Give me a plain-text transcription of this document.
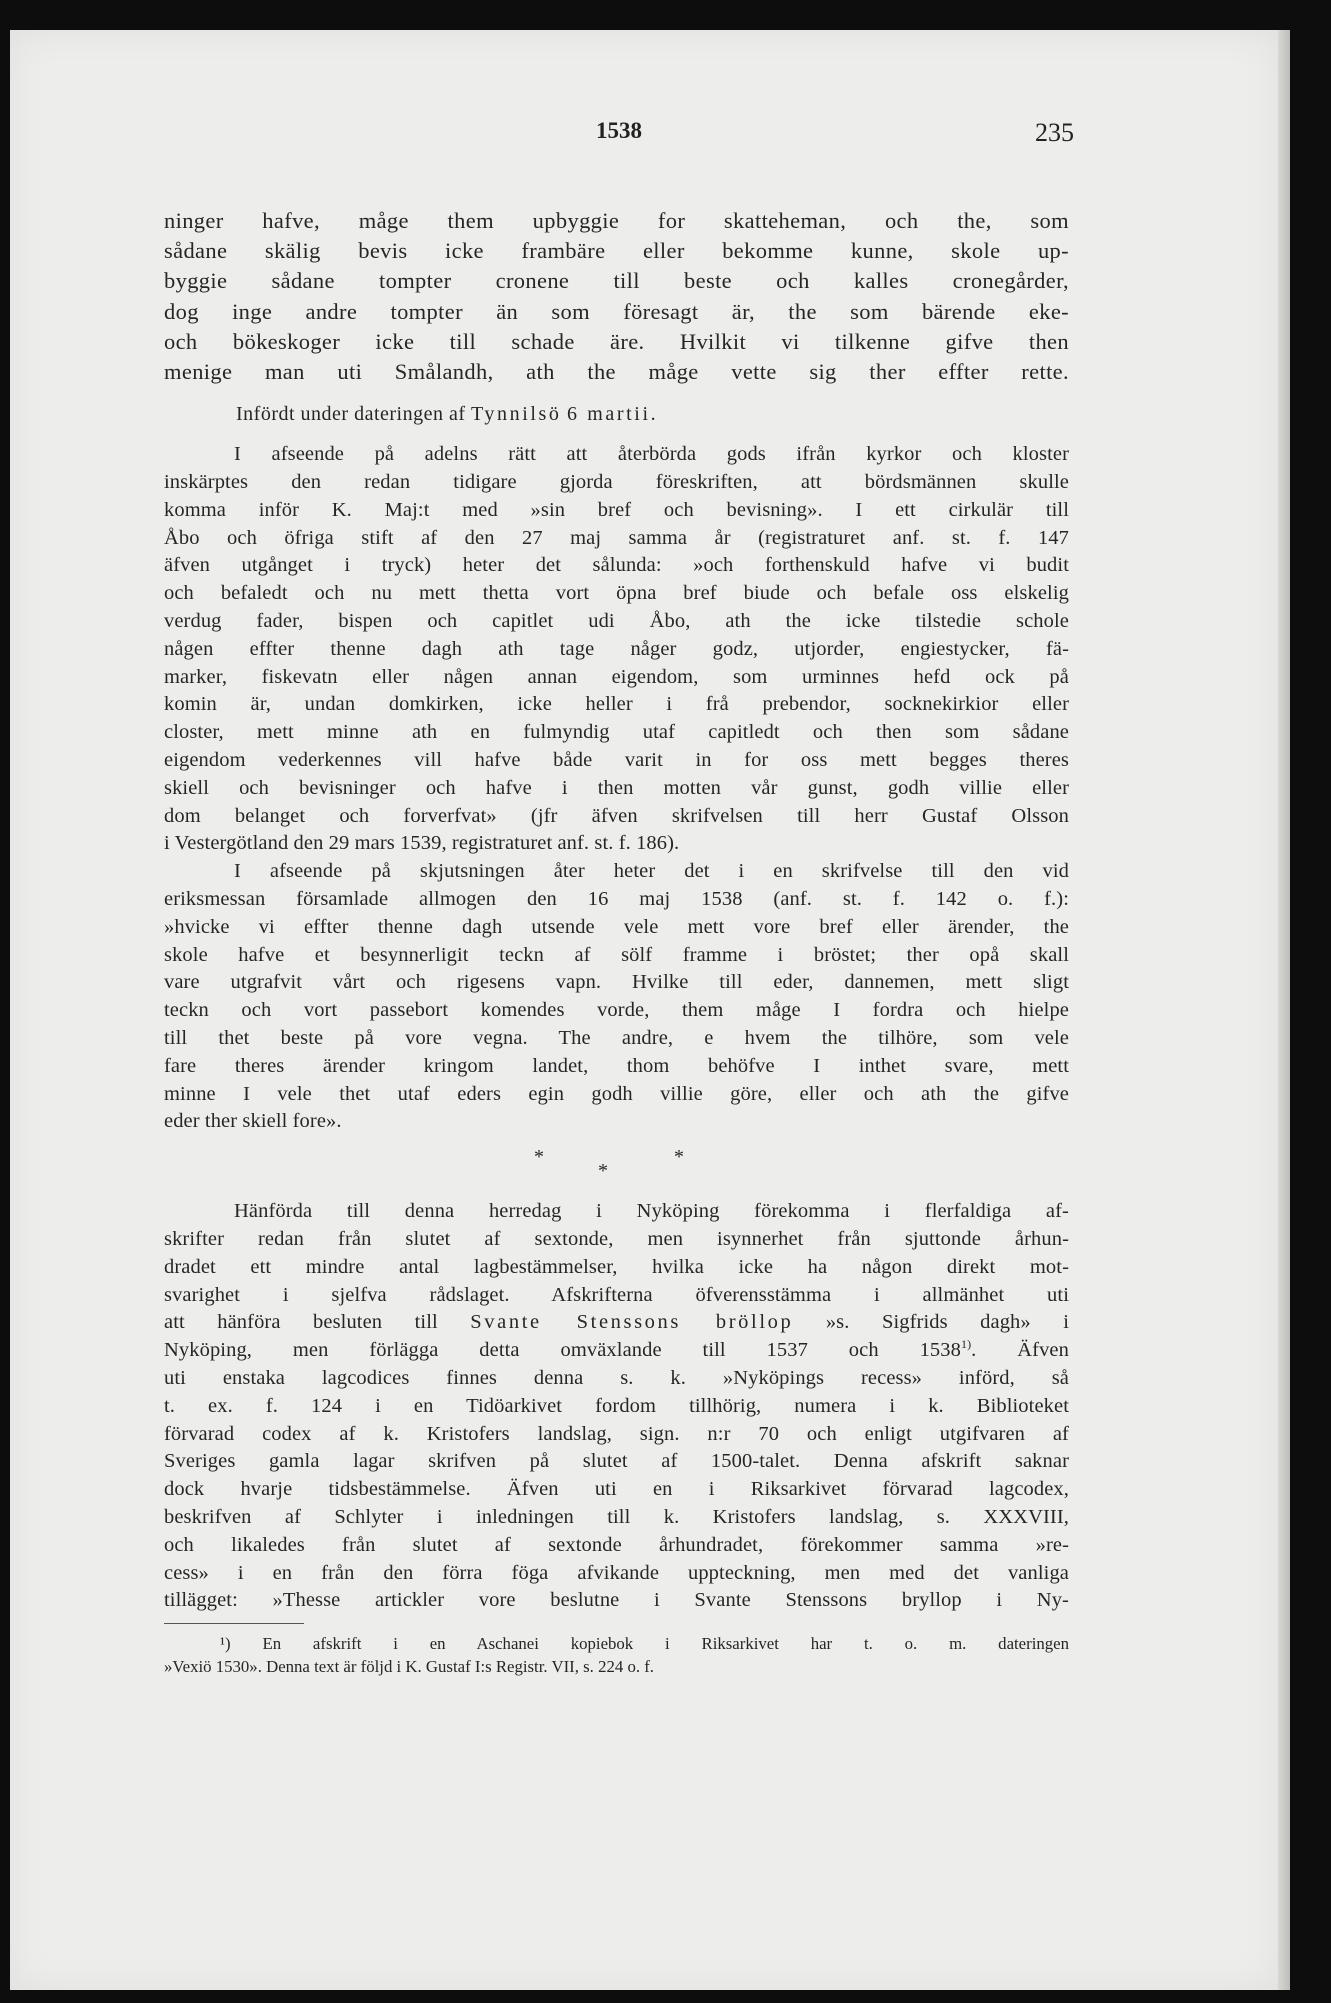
1538	235
ninger hafve, måge them upbyggie for skatteheman, och the, som
sådane skälig bevis icke frambäre eller bekomme kunne, skole up-
byggie sådane tompter cronene till beste och kalles cronegårder,
dog inge andre tompter än som föresagt är, the som bärende eke-
och bökeskoger icke till schade äre. Hvilkit vi tilkenne gifve then
menige man uti Smålandh, ath the måge vette sig ther effter rette.
Infördt under dateringen af Tynnilsö 6 martii.
I afseende på adelns rätt att återbörda gods ifrån kyrkor och kloster
inskärptes den redan tidigare gjorda föreskriften, att bördsmännen skulle
komma inför K. Maj:t med »sin bref och bevisning». I ett cirkulär till
Åbo och öfriga stift af den 27 maj samma år (registraturet anf. st. f. 147
äfven utgånget i tryck) heter det sålunda: »och forthenskuld hafve vi budit
och befaledt och nu mett thetta vort öpna bref biude och befale oss elskelig
verdug fader, bispen och capitlet udi Åbo, ath the icke tilstedie schole
någen effter thenne dagh ath tage någer godz, utjorder, engiestycker, fä-
marker, fiskevatn eller någen annan eigendom, som urminnes hefd ock på
komin är, undan domkirken, icke heller i frå prebendor, socknekirkior eller
closter, mett minne ath en fulmyndig utaf capitledt och then som sådane
eigendom vederkennes vill hafve både varit in for oss mett begges theres
skiell och bevisninger och hafve i then motten vår gunst, godh villie eller
dom belanget och forverfvat» (jfr äfven skrifvelsen till herr Gustaf Olsson
i Vestergötland den 29 mars 1539, registraturet anf. st. f. 186).
I afseende på skjutsningen åter heter det i en skrifvelse till den vid
eriksmessan församlade allmogen den 16 maj 1538 (anf. st. f. 142 o. f.):
»hvicke vi effter thenne dagh utsende vele mett vore bref eller ärender, the
skole hafve et besynnerligit teckn af sölf framme i bröstet; ther opå skall
vare utgrafvit vårt och rigesens vapn. Hvilke till eder, dannemen, mett sligt
teckn och vort passebort komendes vorde, them måge I fordra och hielpe
till thet beste på vore vegna. The andre, e hvem the tilhöre, som vele
fare theres ärender kringom landet, thom behöfve I inthet svare, mett
minne I vele thet utaf eders egin godh villie göre, eller och ath the gifve
eder ther skiell fore».
*
*
*
Hänförda till denna herredag i Nyköping förekomma i flerfaldiga af-
skrifter redan från slutet af sextonde, men isynnerhet från sjuttonde århun-
dradet ett mindre antal lagbestämmelser, hvilka icke ha någon direkt mot-
svarighet i sjelfva rådslaget. Afskrifterna öfverensstämma i allmänhet uti
att hänföra besluten till Svante Stenssons bröllop »s. Sigfrids dagh» i
Nyköping, men förlägga detta omväxlande till 1537 och 1538$^{1)}$. Äfven
uti enstaka lagcodices finnes denna s. k. »Nyköpings recess» införd, så
t. ex. f. 124 i en Tidöarkivet fordom tillhörig, numera i k. Biblioteket
förvarad codex af k. Kristofers landslag, sign. n:r 70 och enligt utgifvaren af
Sveriges gamla lagar skrifven på slutet af 1500-talet. Denna afskrift saknar
dock hvarje tidsbestämmelse. Äfven uti en i Riksarkivet förvarad lagcodex,
beskrifven af Schlyter i inledningen till k. Kristofers landslag, s. XXXVIII,
och likaledes från slutet af sextonde århundradet, förekommer samma »re-
cess» i en från den förra föga afvikande uppteckning, men med det vanliga
tillägget: »Thesse artickler vore beslutne i Svante Stenssons bryllop i Ny-
¹) En afskrift i en Aschanei kopiebok i Riksarkivet har t. o. m. dateringen
»Vexiö 1530». Denna text är följd i K. Gustaf I:s Registr. VII, s. 224 o. f.
